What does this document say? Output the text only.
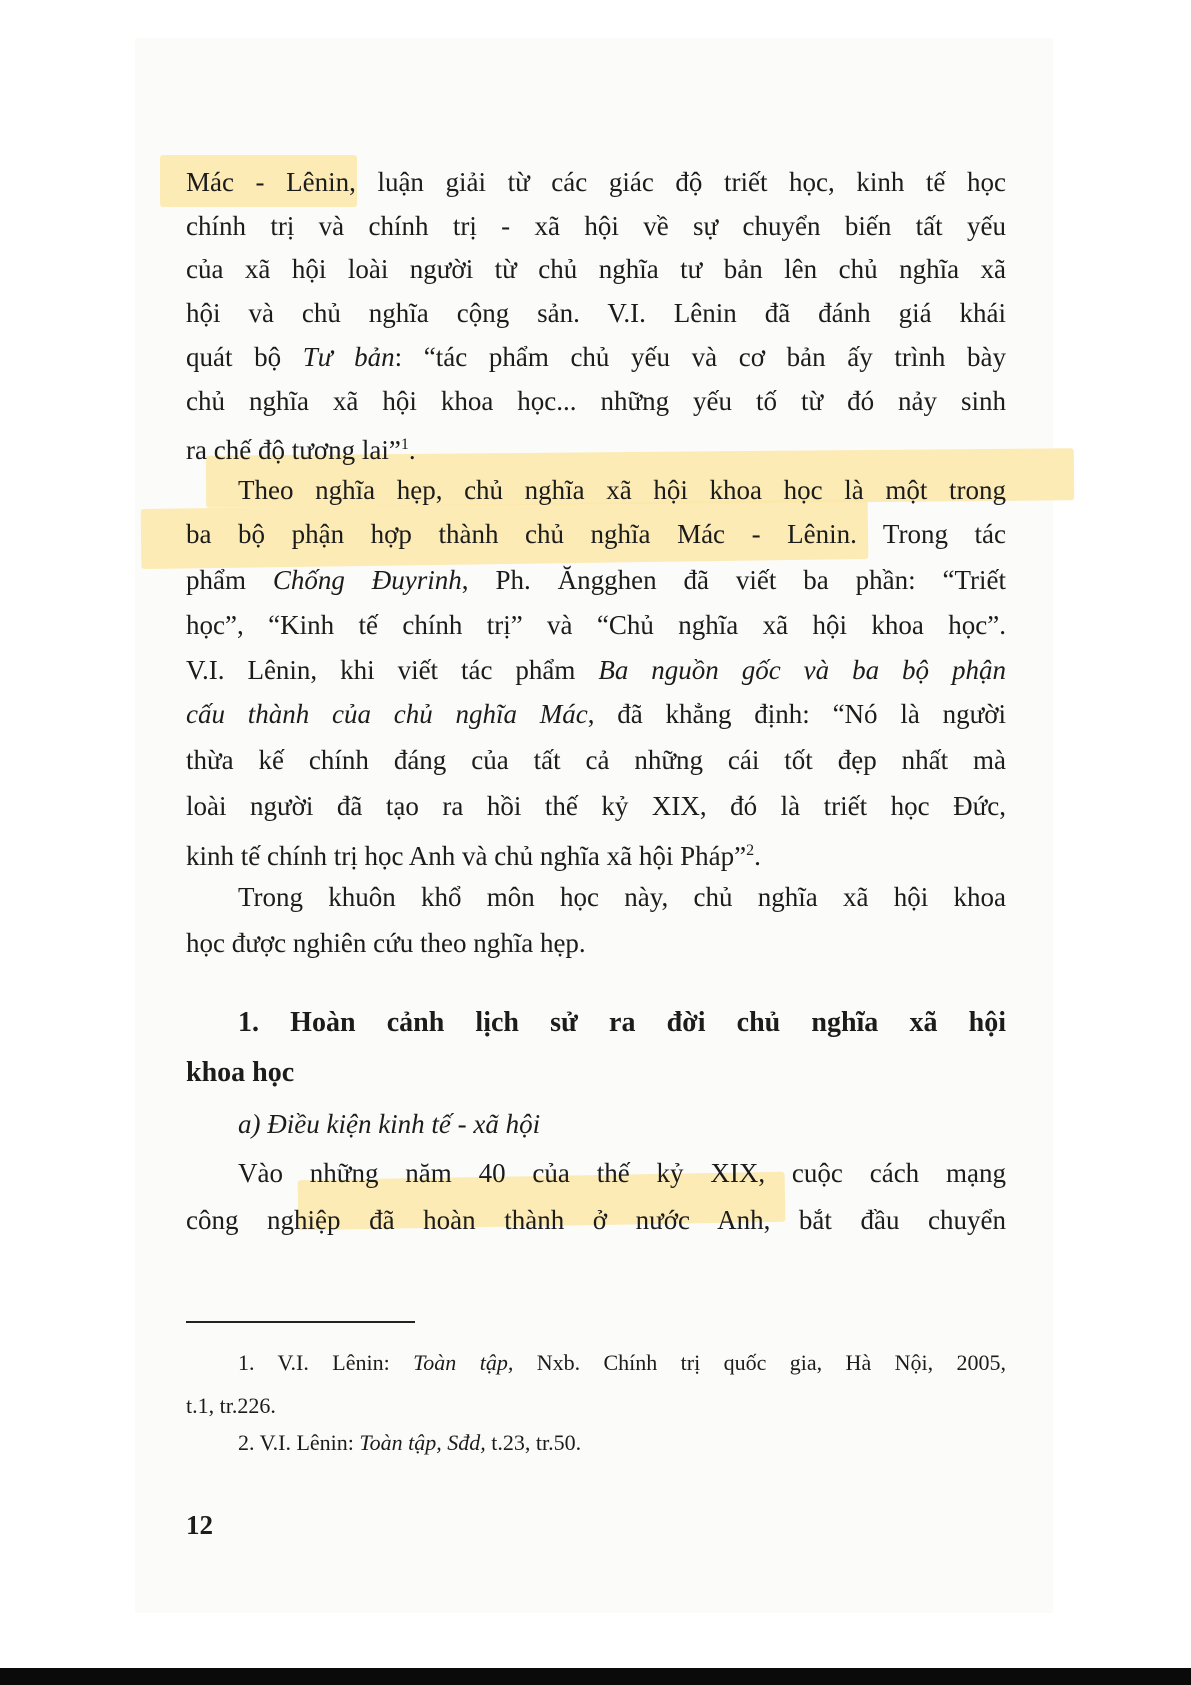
Mác - Lênin, luận giải từ các giác độ triết học, kinh tế học

chính trị và chính trị - xã hội về sự chuyển biến tất yếu

của xã hội loài người từ chủ nghĩa tư bản lên chủ nghĩa xã

hội và chủ nghĩa cộng sản. V.I. Lênin đã đánh giá khái

quát bộ Tư bản: “tác phẩm chủ yếu và cơ bản ấy trình bày

chủ nghĩa xã hội khoa học... những yếu tố từ đó nảy sinh

ra chế độ tương lai”$^1$.

Theo nghĩa hẹp, chủ nghĩa xã hội khoa học là một trong

ba bộ phận hợp thành chủ nghĩa Mác - Lênin. Trong tác

phẩm Chống Đuyrinh, Ph. Ăngghen đã viết ba phần: “Triết

học”, “Kinh tế chính trị” và “Chủ nghĩa xã hội khoa học”.

V.I. Lênin, khi viết tác phẩm Ba nguồn gốc và ba bộ phận

cấu thành của chủ nghĩa Mác, đã khẳng định: “Nó là người

thừa kế chính đáng của tất cả những cái tốt đẹp nhất mà

loài người đã tạo ra hồi thế kỷ XIX, đó là triết học Đức,

kinh tế chính trị học Anh và chủ nghĩa xã hội Pháp”$^2$.

Trong khuôn khổ môn học này, chủ nghĩa xã hội khoa

học được nghiên cứu theo nghĩa hẹp.

1. Hoàn cảnh lịch sử ra đời chủ nghĩa xã hội

khoa học

a) Điều kiện kinh tế - xã hội

Vào những năm 40 của thế kỷ XIX, cuộc cách mạng

công nghiệp đã hoàn thành ở nước Anh, bắt đầu chuyển

1. V.I. Lênin: Toàn tập, Nxb. Chính trị quốc gia, Hà Nội, 2005,

t.1, tr.226.

2. V.I. Lênin: Toàn tập, Sđd, t.23, tr.50.

12
